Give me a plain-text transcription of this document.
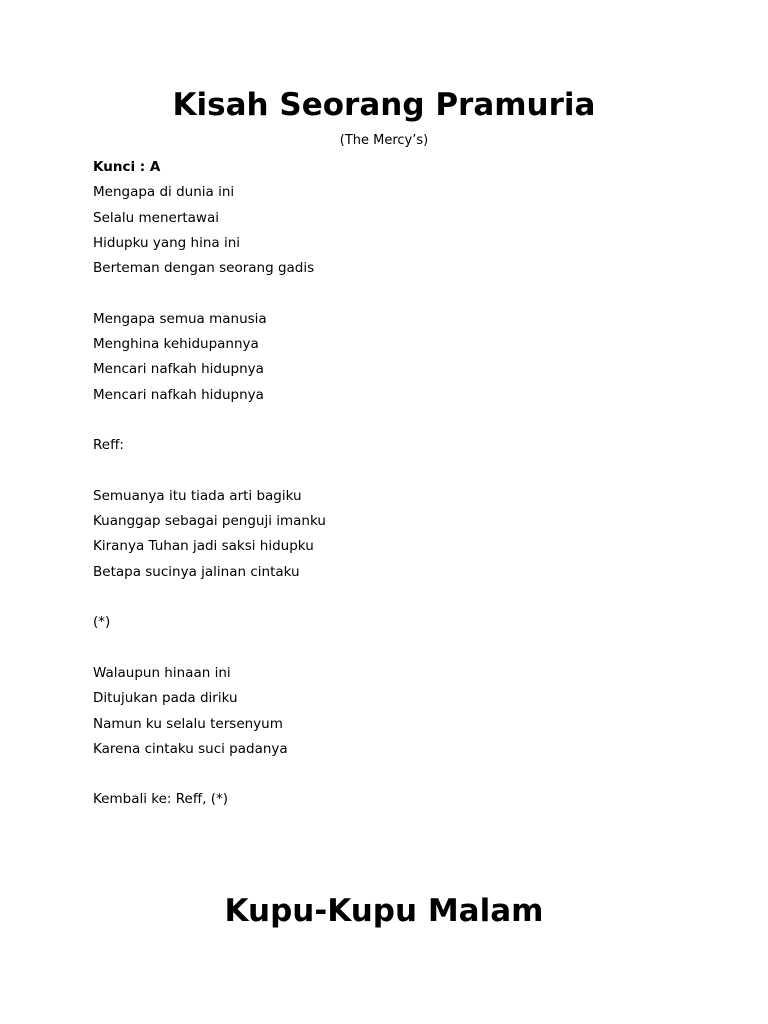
Kisah Seorang Pramuria

(The Mercy’s)

Kunci : A
Mengapa di dunia ini
Selalu menertawai
Hidupku yang hina ini
Berteman dengan seorang gadis
Mengapa semua manusia
Menghina kehidupannya
Mencari nafkah hidupnya
Mencari nafkah hidupnya
Reff:
Semuanya itu tiada arti bagiku
Kuanggap sebagai penguji imanku
Kiranya Tuhan jadi saksi hidupku
Betapa sucinya jalinan cintaku
(*)
Walaupun hinaan ini
Ditujukan pada diriku
Namun ku selalu tersenyum
Karena cintaku suci padanya
Kembali ke: Reff, (*)
Kupu-Kupu Malam
